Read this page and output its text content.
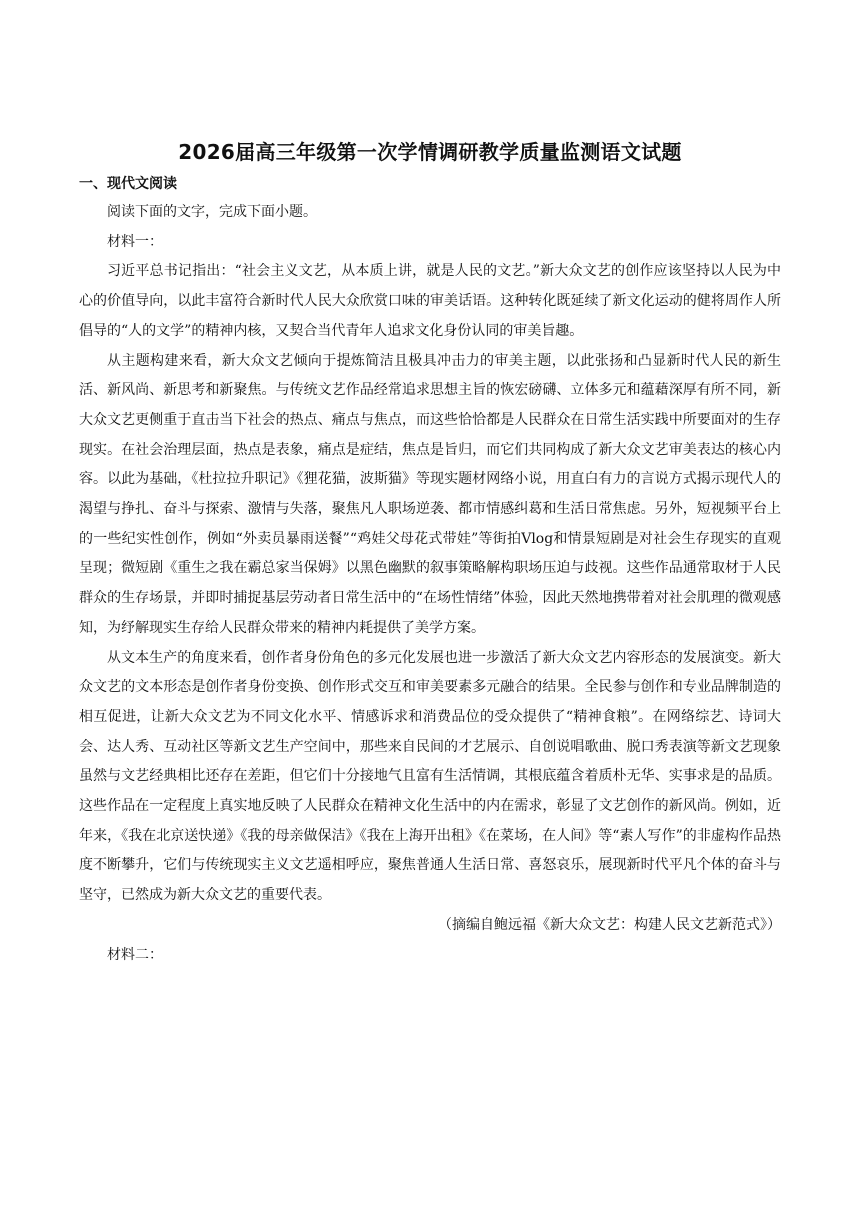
2026届高三年级第一次学情调研教学质量监测语文试题
一、现代文阅读

阅读下面的文字，完成下面小题。

材料一：

习近平总书记指出：“社会主义文艺，从本质上讲，就是人民的文艺。”新大众文艺的创作应该坚持以人民为中心的价值导向，以此丰富符合新时代人民大众欣赏口味的审美话语。这种转化既延续了新文化运动的健将周作人所倡导的“人的文学”的精神内核，又契合当代青年人追求文化身份认同的审美旨趣。

从主题构建来看，新大众文艺倾向于提炼简洁且极具冲击力的审美主题，以此张扬和凸显新时代人民的新生活、新风尚、新思考和新聚焦。与传统文艺作品经常追求思想主旨的恢宏磅礴、立体多元和蕴藉深厚有所不同，新大众文艺更侧重于直击当下社会的热点、痛点与焦点，而这些恰恰都是人民群众在日常生活实践中所要面对的生存现实。在社会治理层面，热点是表象，痛点是症结，焦点是旨归，而它们共同构成了新大众文艺审美表达的核心内容。以此为基础，《杜拉拉升职记》《狸花猫，波斯猫》等现实题材网络小说，用直白有力的言说方式揭示现代人的渴望与挣扎、奋斗与探索、激情与失落，聚焦凡人职场逆袭、都市情感纠葛和生活日常焦虑。另外，短视频平台上的一些纪实性创作，例如“外卖员暴雨送餐”“鸡娃父母花式带娃”等街拍Vlog和情景短剧是对社会生存现实的直观呈现；微短剧《重生之我在霸总家当保姆》以黑色幽默的叙事策略解构职场压迫与歧视。这些作品通常取材于人民群众的生存场景，并即时捕捉基层劳动者日常生活中的“在场性情绪”体验，因此天然地携带着对社会肌理的微观感知，为纾解现实生存给人民群众带来的精神内耗提供了美学方案。

从文本生产的角度来看，创作者身份角色的多元化发展也进一步激活了新大众文艺内容形态的发展演变。新大众文艺的文本形态是创作者身份变换、创作形式交互和审美要素多元融合的结果。全民参与创作和专业品牌制造的相互促进，让新大众文艺为不同文化水平、情感诉求和消费品位的受众提供了“精神食粮”。在网络综艺、诗词大会、达人秀、互动社区等新文艺生产空间中，那些来自民间的才艺展示、自创说唱歌曲、脱口秀表演等新文艺现象虽然与文艺经典相比还存在差距，但它们十分接地气且富有生活情调，其根底蕴含着质朴无华、实事求是的品质。这些作品在一定程度上真实地反映了人民群众在精神文化生活中的内在需求，彰显了文艺创作的新风尚。例如，近年来，《我在北京送快递》《我的母亲做保洁》《我在上海开出租》《在菜场，在人间》等“素人写作”的非虚构作品热度不断攀升，它们与传统现实主义文艺遥相呼应，聚焦普通人生活日常、喜怒哀乐，展现新时代平凡个体的奋斗与坚守，已然成为新大众文艺的重要代表。

（摘编自鲍远福《新大众文艺：构建人民文艺新范式》）

材料二：
